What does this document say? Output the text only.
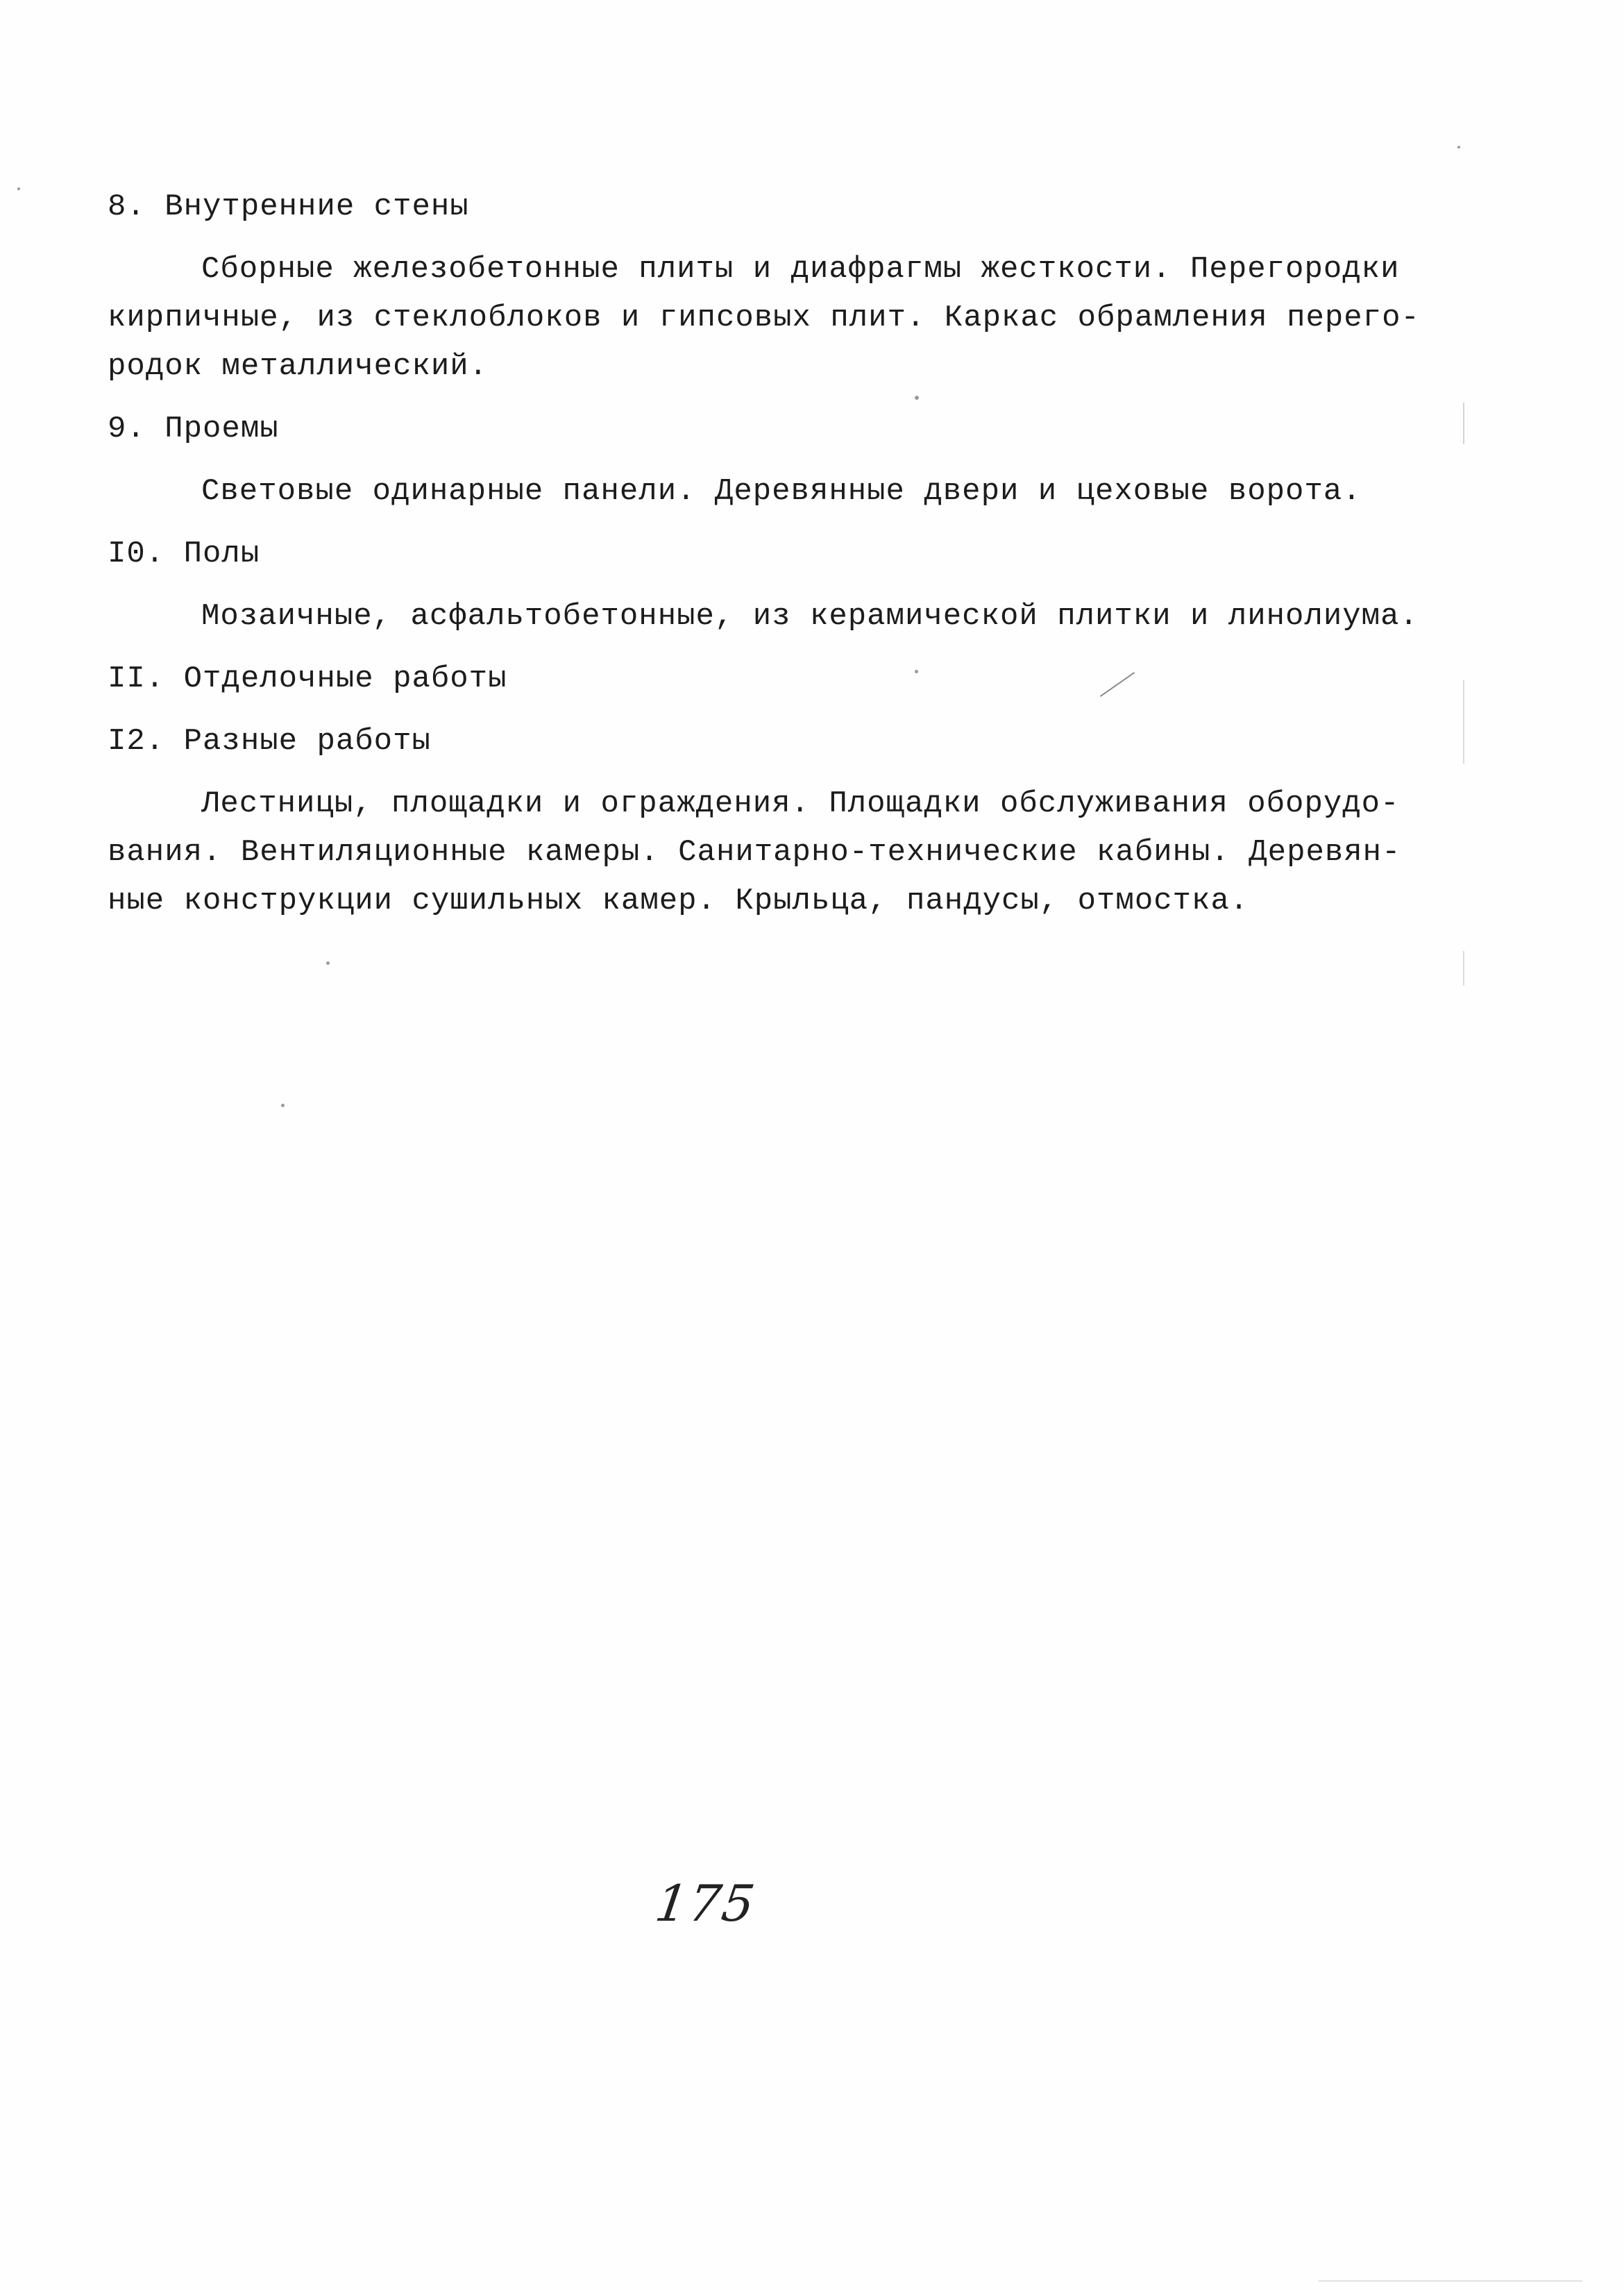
8. Внутренние стены
Сборные железобетонные плиты и диафрагмы жесткости. Перегородки
кирпичные, из стеклоблоков и гипсовых плит. Каркас обрамления перего-
родок металлический.
9. Проемы
Световые одинарные панели. Деревянные двери и цеховые ворота.
I0. Полы
Мозаичные, асфальтобетонные, из керамической плитки и линолиума.
II. Отделочные работы
I2. Разные работы
Лестницы, площадки и ограждения. Площадки обслуживания оборудо-
вания. Вентиляционные камеры. Санитарно-технические кабины. Деревян-
ные конструкции сушильных камер. Крыльца, пандусы, отмостка.
175
